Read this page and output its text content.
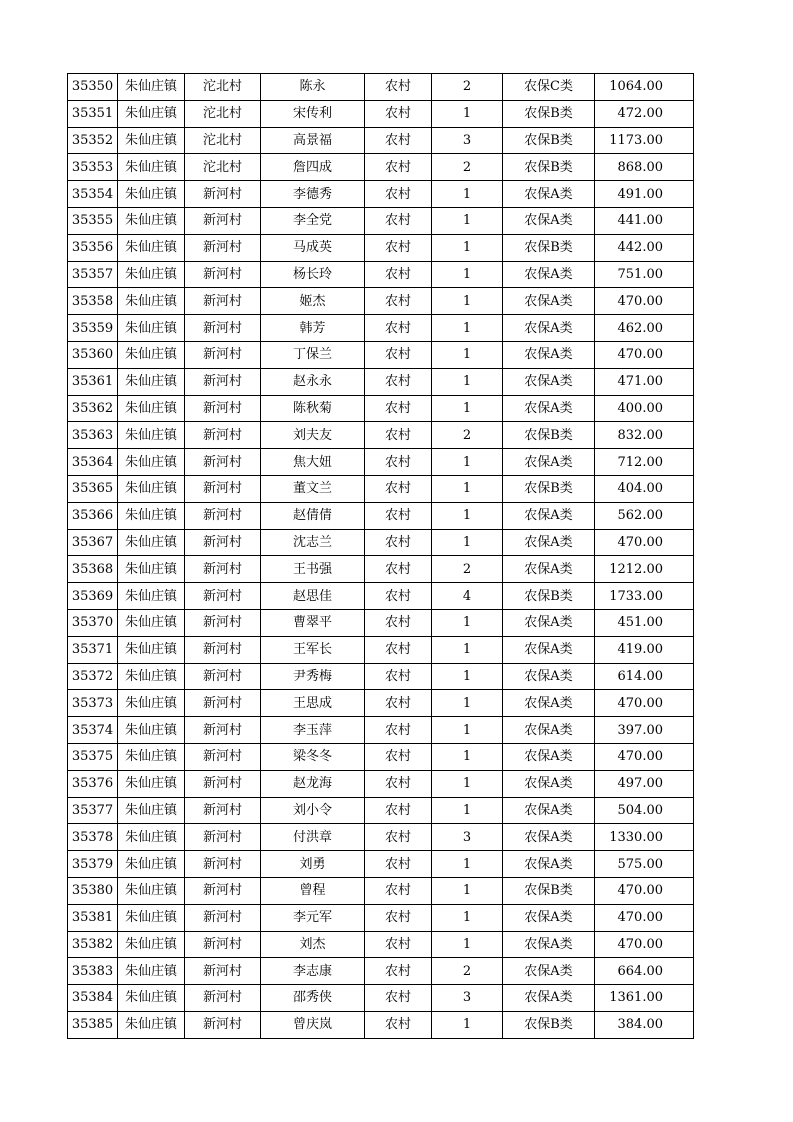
35350	朱仙庄镇	沱北村	陈永	农村	2	农保C类	1064.00
35351	朱仙庄镇	沱北村	宋传利	农村	1	农保B类	472.00
35352	朱仙庄镇	沱北村	高景福	农村	3	农保B类	1173.00
35353	朱仙庄镇	沱北村	詹四成	农村	2	农保B类	868.00
35354	朱仙庄镇	新河村	李德秀	农村	1	农保A类	491.00
35355	朱仙庄镇	新河村	李全党	农村	1	农保A类	441.00
35356	朱仙庄镇	新河村	马成英	农村	1	农保B类	442.00
35357	朱仙庄镇	新河村	杨长玲	农村	1	农保A类	751.00
35358	朱仙庄镇	新河村	姬杰	农村	1	农保A类	470.00
35359	朱仙庄镇	新河村	韩芳	农村	1	农保A类	462.00
35360	朱仙庄镇	新河村	丁保兰	农村	1	农保A类	470.00
35361	朱仙庄镇	新河村	赵永永	农村	1	农保A类	471.00
35362	朱仙庄镇	新河村	陈秋菊	农村	1	农保A类	400.00
35363	朱仙庄镇	新河村	刘夫友	农村	2	农保B类	832.00
35364	朱仙庄镇	新河村	焦大妞	农村	1	农保A类	712.00
35365	朱仙庄镇	新河村	董文兰	农村	1	农保B类	404.00
35366	朱仙庄镇	新河村	赵倩倩	农村	1	农保A类	562.00
35367	朱仙庄镇	新河村	沈志兰	农村	1	农保A类	470.00
35368	朱仙庄镇	新河村	王书强	农村	2	农保A类	1212.00
35369	朱仙庄镇	新河村	赵思佳	农村	4	农保B类	1733.00
35370	朱仙庄镇	新河村	曹翠平	农村	1	农保A类	451.00
35371	朱仙庄镇	新河村	王军长	农村	1	农保A类	419.00
35372	朱仙庄镇	新河村	尹秀梅	农村	1	农保A类	614.00
35373	朱仙庄镇	新河村	王思成	农村	1	农保A类	470.00
35374	朱仙庄镇	新河村	李玉萍	农村	1	农保A类	397.00
35375	朱仙庄镇	新河村	梁冬冬	农村	1	农保A类	470.00
35376	朱仙庄镇	新河村	赵龙海	农村	1	农保A类	497.00
35377	朱仙庄镇	新河村	刘小令	农村	1	农保A类	504.00
35378	朱仙庄镇	新河村	付洪章	农村	3	农保A类	1330.00
35379	朱仙庄镇	新河村	刘勇	农村	1	农保A类	575.00
35380	朱仙庄镇	新河村	曾程	农村	1	农保B类	470.00
35381	朱仙庄镇	新河村	李元军	农村	1	农保A类	470.00
35382	朱仙庄镇	新河村	刘杰	农村	1	农保A类	470.00
35383	朱仙庄镇	新河村	李志康	农村	2	农保A类	664.00
35384	朱仙庄镇	新河村	邵秀侠	农村	3	农保A类	1361.00
35385	朱仙庄镇	新河村	曾庆岚	农村	1	农保B类	384.00
